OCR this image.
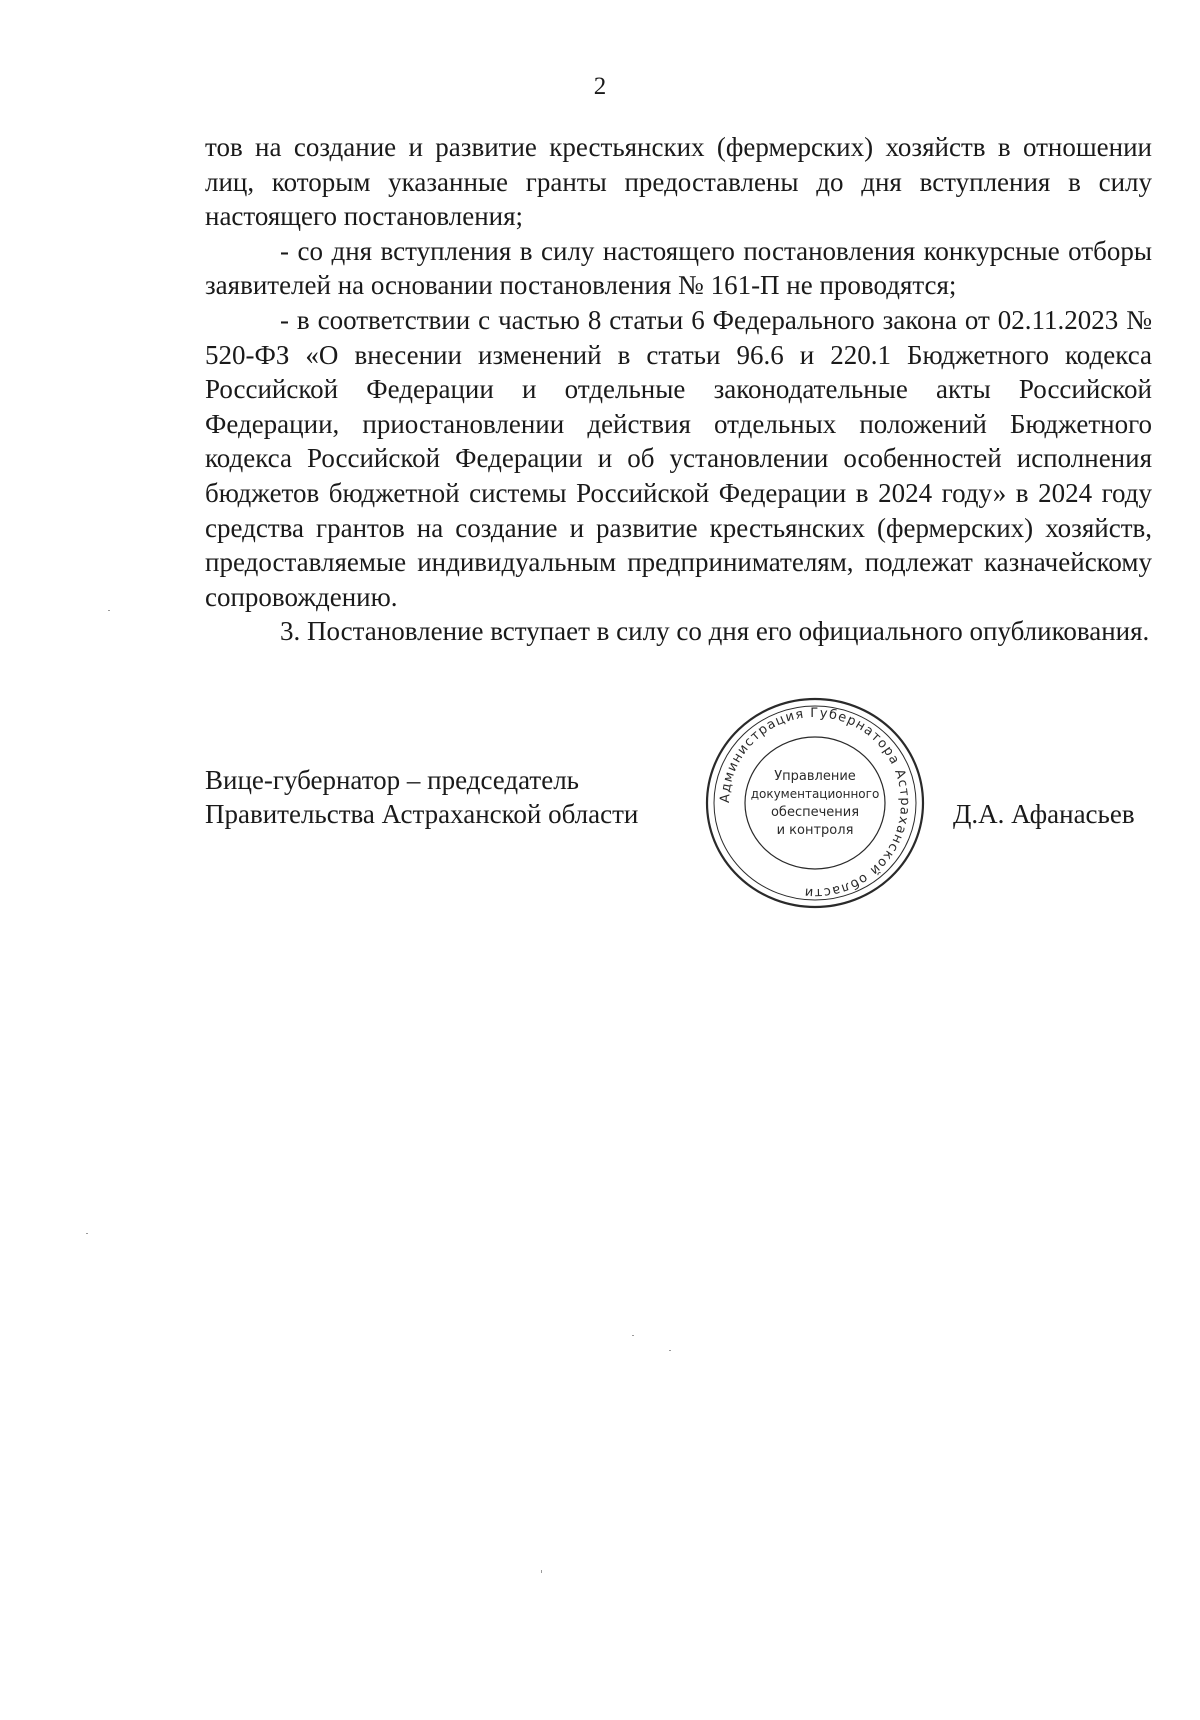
2

тов на создание и развитие крестьянских (фермерских) хозяйств в отношении лиц, которым указанные гранты предоставлены до дня вступления в силу настоящего постановления;

- со дня вступления в силу настоящего постановления конкурсные отборы заявителей на основании постановления № 161-П не проводятся;

- в соответствии с частью 8 статьи 6 Федерального закона от 02.11.2023 № 520-ФЗ «О внесении изменений в статьи 96.6 и 220.1 Бюджетного кодекса Российской Федерации и отдельные законодательные акты Российской Федерации, приостановлении действия отдельных положений Бюджетного кодекса Российской Федерации и об установлении особенностей исполнения бюджетов бюджетной системы Российской Федерации в 2024 году» в 2024 году средства грантов на создание и развитие крестьянских (фермерских) хозяйств, предоставляемые индивидуальным предпринимателям, подлежат казначейскому сопровождению.

3. Постановление вступает в силу со дня его официального опубликования.

Вице-губернатор – председатель
Правительства Астраханской области
Администрация Губернатора Астраханской области
Управление
документационного
обеспечения
и контроля
Д.А. Афанасьев
